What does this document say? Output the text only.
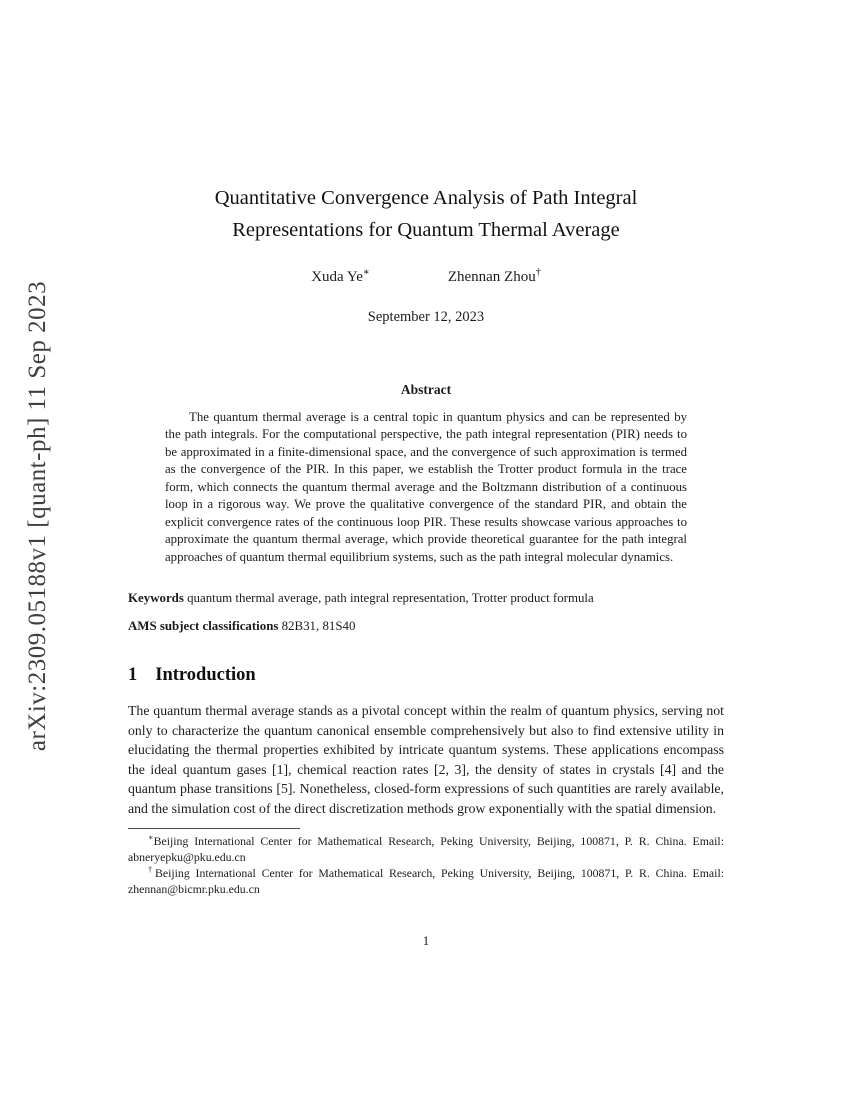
arXiv:2309.05188v1 [quant-ph] 11 Sep 2023
Quantitative Convergence Analysis of Path Integral
Representations for Quantum Thermal Average
Xuda Ye∗	Zhennan Zhou†
September 12, 2023
Abstract
The quantum thermal average is a central topic in quantum physics and can be represented by the path integrals. For the computational perspective, the path integral representation (PIR) needs to be approximated in a finite-dimensional space, and the convergence of such approximation is termed as the convergence of the PIR. In this paper, we establish the Trotter product formula in the trace form, which connects the quantum thermal average and the Boltzmann distribution of a continuous loop in a rigorous way. We prove the qualitative convergence of the standard PIR, and obtain the explicit convergence rates of the continuous loop PIR. These results showcase various approaches to approximate the quantum thermal average, which provide theoretical guarantee for the path integral approaches of quantum thermal equilibrium systems, such as the path integral molecular dynamics.
Keywords quantum thermal average, path integral representation, Trotter product formula
AMS subject classifications 82B31, 81S40
1 Introduction
The quantum thermal average stands as a pivotal concept within the realm of quantum physics, serving not only to characterize the quantum canonical ensemble comprehensively but also to find extensive utility in elucidating the thermal properties exhibited by intricate quantum systems. These applications encompass the ideal quantum gases [1], chemical reaction rates [2, 3], the density of states in crystals [4] and the quantum phase transitions [5]. Nonetheless, closed-form expressions of such quantities are rarely available, and the simulation cost of the direct discretization methods grow exponentially with the spatial dimension.
∗Beijing International Center for Mathematical Research, Peking University, Beijing, 100871, P. R. China. Email: abneryepku@pku.edu.cn
†Beijing International Center for Mathematical Research, Peking University, Beijing, 100871, P. R. China. Email: zhennan@bicmr.pku.edu.cn
1
